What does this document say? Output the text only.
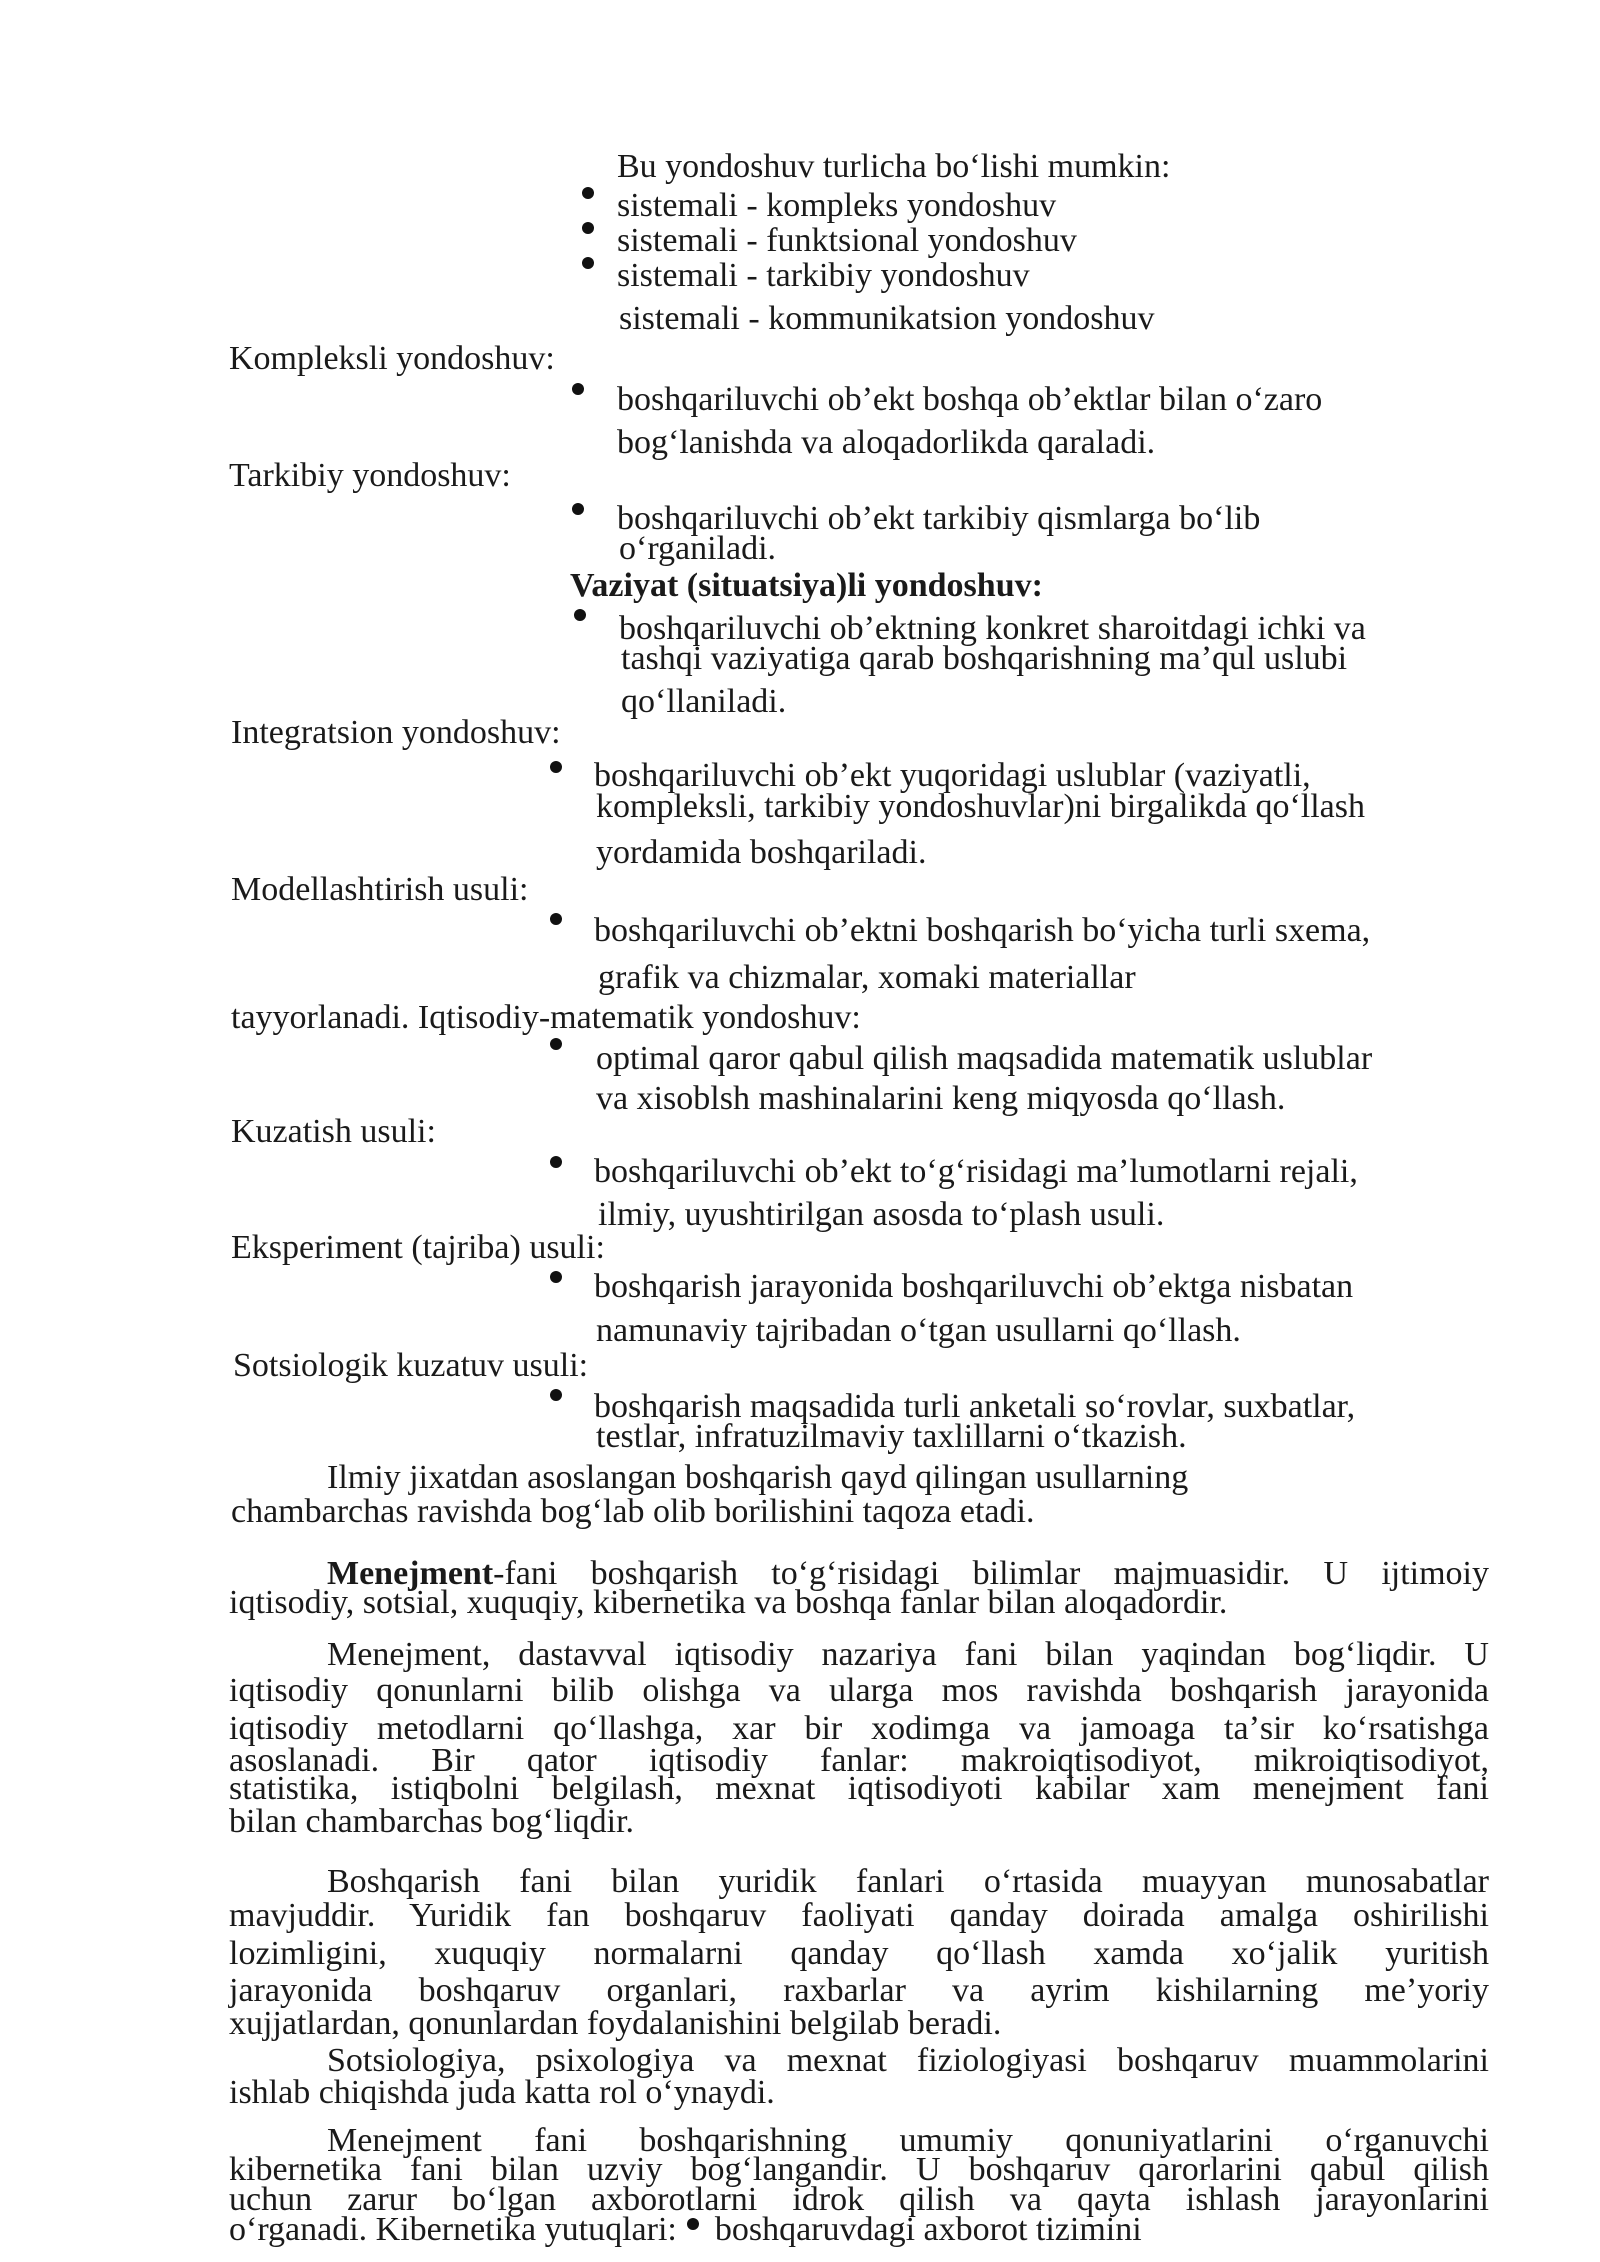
Bu yondoshuv turlicha boʻlishi mumkin:
sistemali - kompleks yondoshuv
sistemali - funktsional yondoshuv
sistemali - tarkibiy yondoshuv
sistemali - kommunikatsion yondoshuv
Kompleksli yondoshuv:
boshqariluvchi obʼekt boshqa obʼektlar bilan oʻzaro
bogʻlanishda va aloqadorlikda qaraladi.
Tarkibiy yondoshuv:
boshqariluvchi obʼekt tarkibiy qismlarga boʻlib
oʻrganiladi.
Vaziyat (situatsiya)li yondoshuv:
boshqariluvchi obʼektning konkret sharoitdagi ichki va
tashqi vaziyatiga qarab boshqarishning maʼqul uslubi
qoʻllaniladi.
Integratsion yondoshuv:
boshqariluvchi obʼekt yuqoridagi uslublar (vaziyatli,
kompleksli, tarkibiy yondoshuvlar)ni birgalikda qoʻllash
yordamida boshqariladi.
Modellashtirish usuli:
boshqariluvchi obʼektni boshqarish boʻyicha turli sxema,
grafik va chizmalar, xomaki materiallar
tayyorlanadi. Iqtisodiy-matematik yondoshuv:
optimal qaror qabul qilish maqsadida matematik uslublar
va xisoblsh mashinalarini keng miqyosda qoʻllash.
Kuzatish usuli:
boshqariluvchi obʼekt toʻgʻrisidagi maʼlumotlarni rejali,
ilmiy, uyushtirilgan asosda toʻplash usuli.
Eksperiment (tajriba) usuli:
boshqarish jarayonida boshqariluvchi obʼektga nisbatan
namunaviy tajribadan oʻtgan usullarni qoʻllash.
Sotsiologik kuzatuv usuli:
boshqarish maqsadida turli anketali soʻrovlar, suxbatlar,
testlar, infratuzilmaviy taxlillarni oʻtkazish.
Ilmiy jixatdan asoslangan boshqarish qayd qilingan usullarning
chambarchas ravishda bogʻlab olib borilishini taqoza etadi.
Menejment-fani boshqarish toʻgʻrisidagi bilimlar majmuasidir. U ijtimoiy
iqtisodiy, sotsial, xuquqiy, kibernetika va boshqa fanlar bilan aloqadordir.
Menejment, dastavval iqtisodiy nazariya fani bilan yaqindan bogʻliqdir. U
iqtisodiy qonunlarni bilib olishga va ularga mos ravishda boshqarish jarayonida
iqtisodiy metodlarni qoʻllashga, xar bir xodimga va jamoaga taʼsir koʻrsatishga
asoslanadi. Bir qator iqtisodiy fanlar: makroiqtisodiyot, mikroiqtisodiyot,
statistika, istiqbolni belgilash, mexnat iqtisodiyoti kabilar xam menejment fani
bilan chambarchas bogʻliqdir.
Boshqarish fani bilan yuridik fanlari oʻrtasida muayyan munosabatlar
mavjuddir. Yuridik fan boshqaruv faoliyati qanday doirada amalga oshirilishi
lozimligini, xuquqiy normalarni qanday qoʻllash xamda xoʻjalik yuritish
jarayonida boshqaruv organlari, raxbarlar va ayrim kishilarning meʼyoriy
xujjatlardan, qonunlardan foydalanishini belgilab beradi.
Sotsiologiya, psixologiya va mexnat fiziologiyasi boshqaruv muammolarini
ishlab chiqishda juda katta rol oʻynaydi.
Menejment fani boshqarishning umumiy qonuniyatlarini oʻrganuvchi
kibernetika fani bilan uzviy bogʻlangandir. U boshqaruv qarorlarini qabul qilish
uchun zarur boʻlgan axborotlarni idrok qilish va qayta ishlash jarayonlarini
oʻrganadi. Kibernetika yutuqlari: boshqaruvdagi axborot tizimini
